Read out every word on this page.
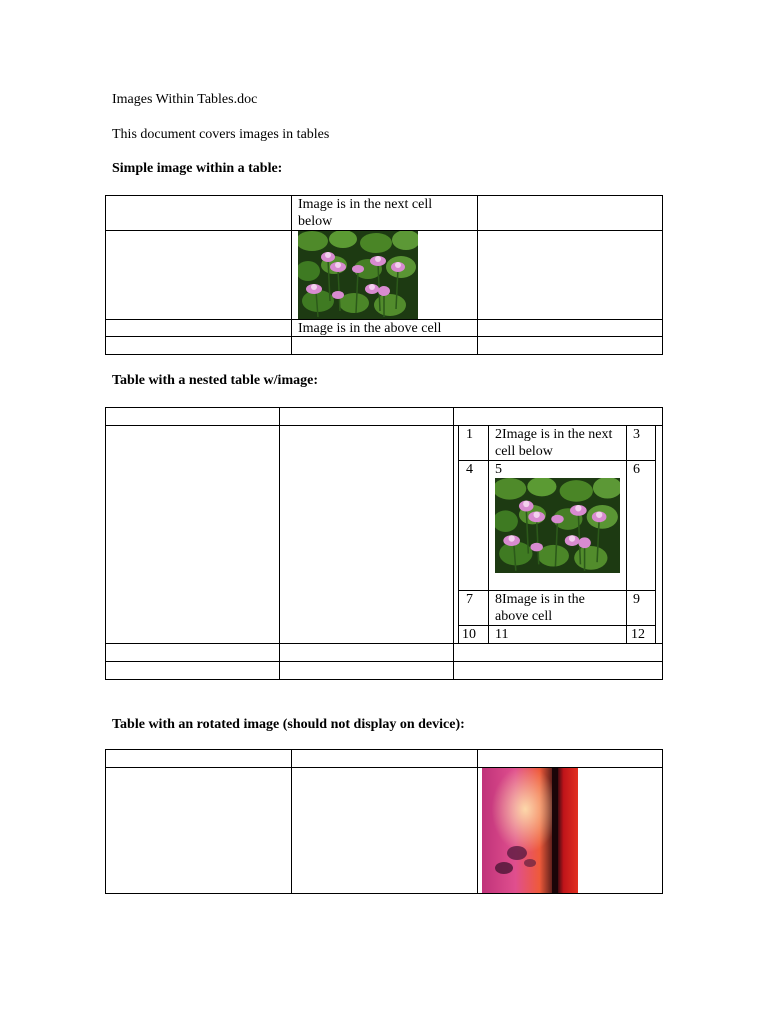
Images Within Tables.doc
This document covers images in tables
Simple image within a table:
Image is in the next cell below
Image is in the above cell
Table with a nested table w/image:
1 2Image is in the next cell below
3
4 5	6
7 8Image is in the above cell
9
10 11	12
Table with an rotated image (should not display on device):
